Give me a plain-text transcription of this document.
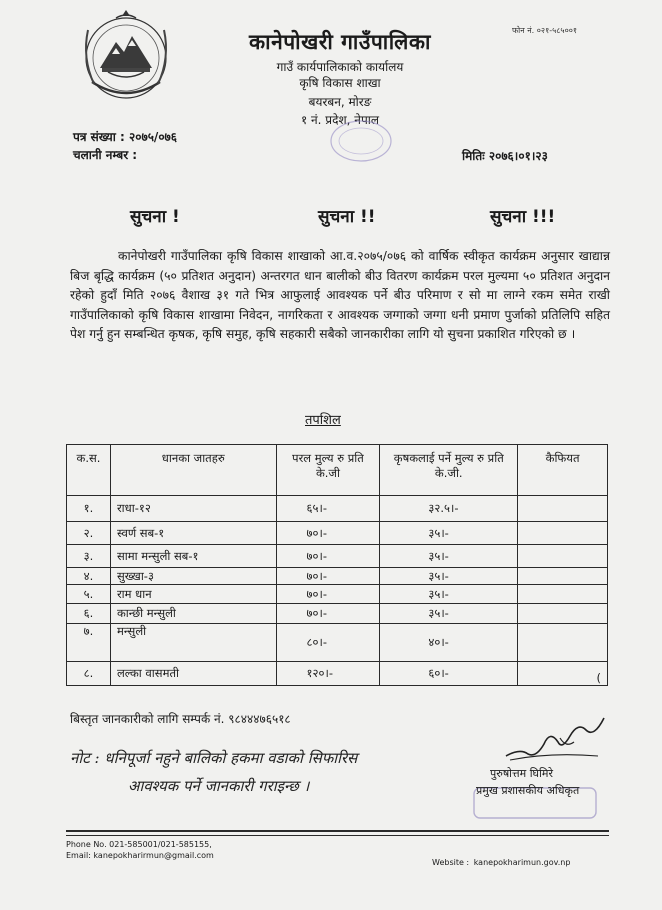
कानेपोखरी गाउँपालिका
गाउँ कार्यपालिकाको कार्यालय
कृषि विकास शाखा
बयरबन, मोरङ
१ नं. प्रदेश, नेपाल
फोन नं. ०२१-५८५००१
पत्र संख्या : २०७५/०७६
चलानी नम्बर :	मितिः २०७६।०१।२३
सुचना !	सुचना !!	सुचना !!!
कानेपोखरी गाउँपालिका कृषि विकास शाखाको आ.व.२०७५/०७६ को वार्षिक स्वीकृत कार्यक्रम अनुसार खाद्यान्न बिज बृद्धि कार्यक्रम (५० प्रतिशत अनुदान) अन्तरगत धान बालीको बीउ वितरण कार्यक्रम परल मुल्यमा ५० प्रतिशत अनुदान रहेको हुदाँ मिति २०७६ वैशाख ३१ गते भित्र आफुलाई आवश्यक पर्ने बीउ परिमाण र सो मा लाग्ने रकम समेत राखी गाउँपालिकाको कृषि विकास शाखामा निवेदन, नागरिकता र आवश्यक जग्गाको जग्गा धनी प्रमाण पुर्जाको प्रतिलिपि सहित पेश गर्नु हुन सम्बन्धित कृषक, कृषि समुह, कृषि सहकारी सबैको जानकारीका लागि यो सुचना प्रकाशित गरिएको छ ।
तपशिल
क.स.	धानका जातहरु	परल मुल्य रु प्रति के.जी	कृषकलाई पर्ने मुल्य रु प्रति के.जी.	कैफियत
१.	राधा-१२	६५।-	३२.५।-	
२.	स्वर्ण सब-१	७०।-	३५।-	
३.	सामा मन्सुली सब-१	७०।-	३५।-	
४.	सुख्खा-३	७०।-	३५।-	
५.	राम धान	७०।-	३५।-	
६.	कान्छी मन्सुली	७०।-	३५।-	
७.	मन्सुली	८०।-	४०।-	
८.	लल्का वासमती	१२०।-	६०।-	(
बिस्तृत जानकारीको लागि सम्पर्क नं. ९८४४४७६५१८
नोट : धनिपूर्जा नहुने बालिको हकमा वडाको सिफारिस
आवश्यक पर्ने जानकारी गराइन्छ ।
पुरुषोत्तम घिमिरे
प्रमुख प्रशासकीय अधिकृत
Phone No. 021-585001/021-585155,
Email: kanepokharirmun@gmail.com
Website : kanepokharimun.gov.np
